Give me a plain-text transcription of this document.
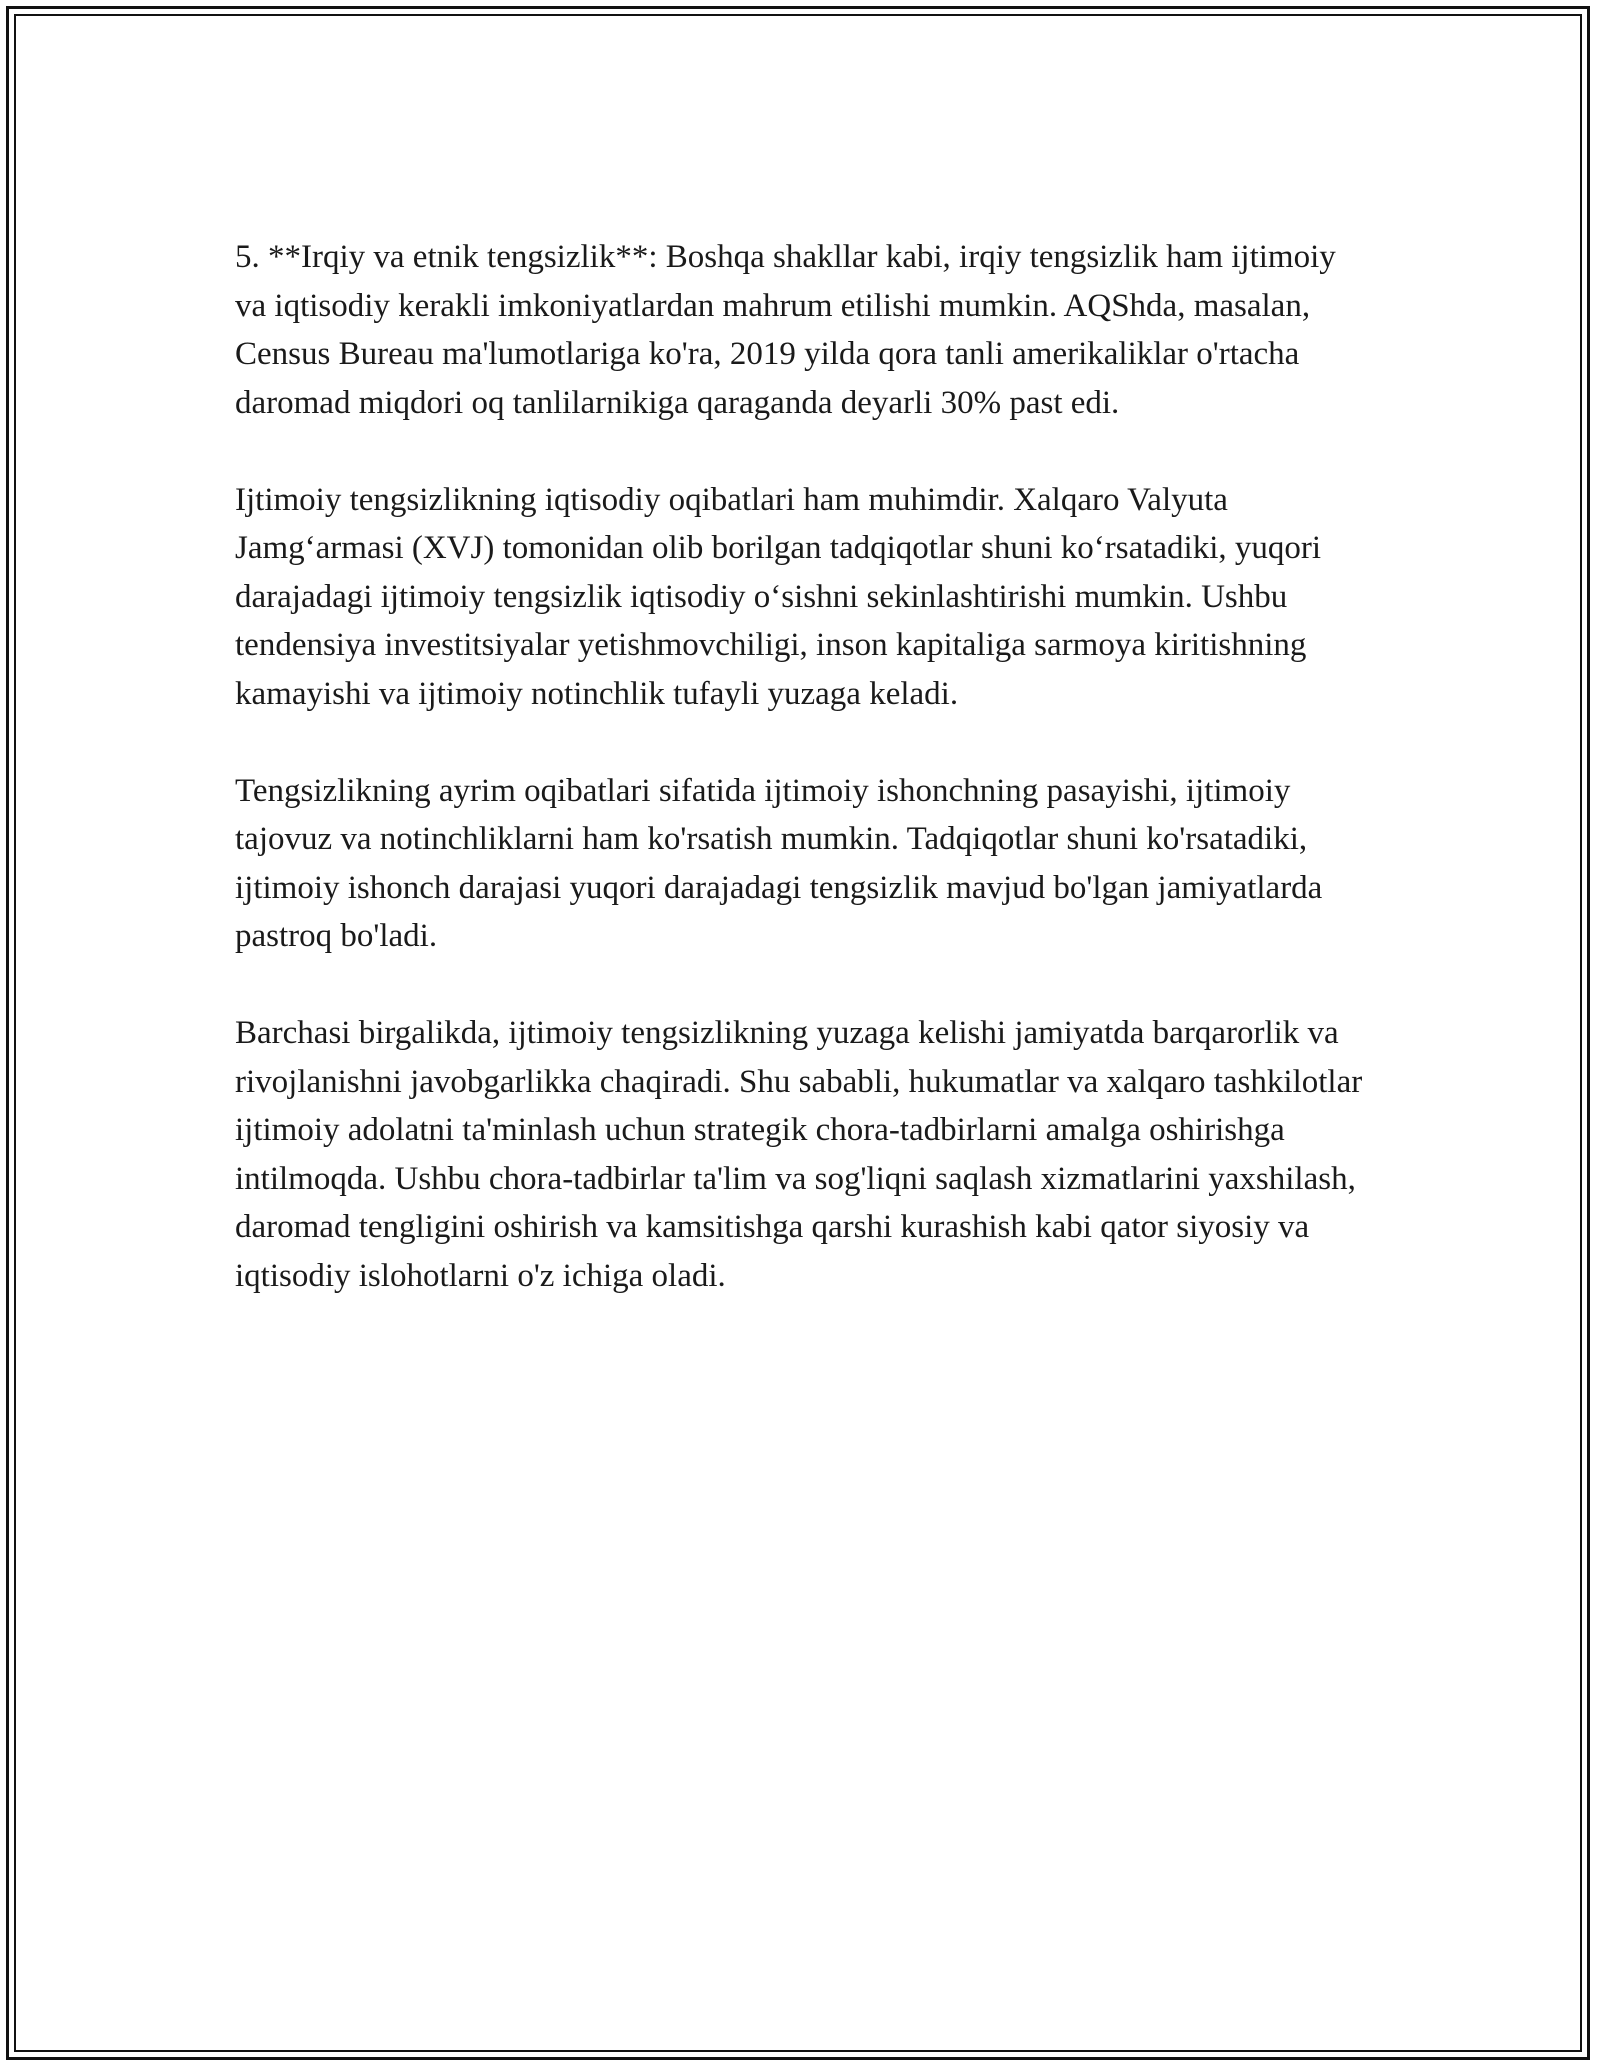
5. **Irqiy va etnik tengsizlik**: Boshqa shakllar kabi, irqiy tengsizlik ham ijtimoiy va iqtisodiy kerakli imkoniyatlardan mahrum etilishi mumkin. AQShda, masalan, Census Bureau ma'lumotlariga ko'ra, 2019 yilda qora tanli amerikaliklar o'rtacha daromad miqdori oq tanlilarnikiga qaraganda deyarli 30% past edi.

Ijtimoiy tengsizlikning iqtisodiy oqibatlari ham muhimdir. Xalqaro Valyuta Jamgʻarmasi (XVJ) tomonidan olib borilgan tadqiqotlar shuni koʻrsatadiki, yuqori darajadagi ijtimoiy tengsizlik iqtisodiy oʻsishni sekinlashtirishi mumkin. Ushbu tendensiya investitsiyalar yetishmovchiligi, inson kapitaliga sarmoya kiritishning kamayishi va ijtimoiy notinchlik tufayli yuzaga keladi.

Tengsizlikning ayrim oqibatlari sifatida ijtimoiy ishonchning pasayishi, ijtimoiy tajovuz va notinchliklarni ham ko'rsatish mumkin. Tadqiqotlar shuni ko'rsatadiki, ijtimoiy ishonch darajasi yuqori darajadagi tengsizlik mavjud bo'lgan jamiyatlarda pastroq bo'ladi.

Barchasi birgalikda, ijtimoiy tengsizlikning yuzaga kelishi jamiyatda barqarorlik va rivojlanishni javobgarlikka chaqiradi. Shu sababli, hukumatlar va xalqaro tashkilotlar ijtimoiy adolatni ta'minlash uchun strategik chora-tadbirlarni amalga oshirishga intilmoqda. Ushbu chora-tadbirlar ta'lim va sog'liqni saqlash xizmatlarini yaxshilash, daromad tengligini oshirish va kamsitishga qarshi kurashish kabi qator siyosiy va iqtisodiy islohotlarni o'z ichiga oladi.
